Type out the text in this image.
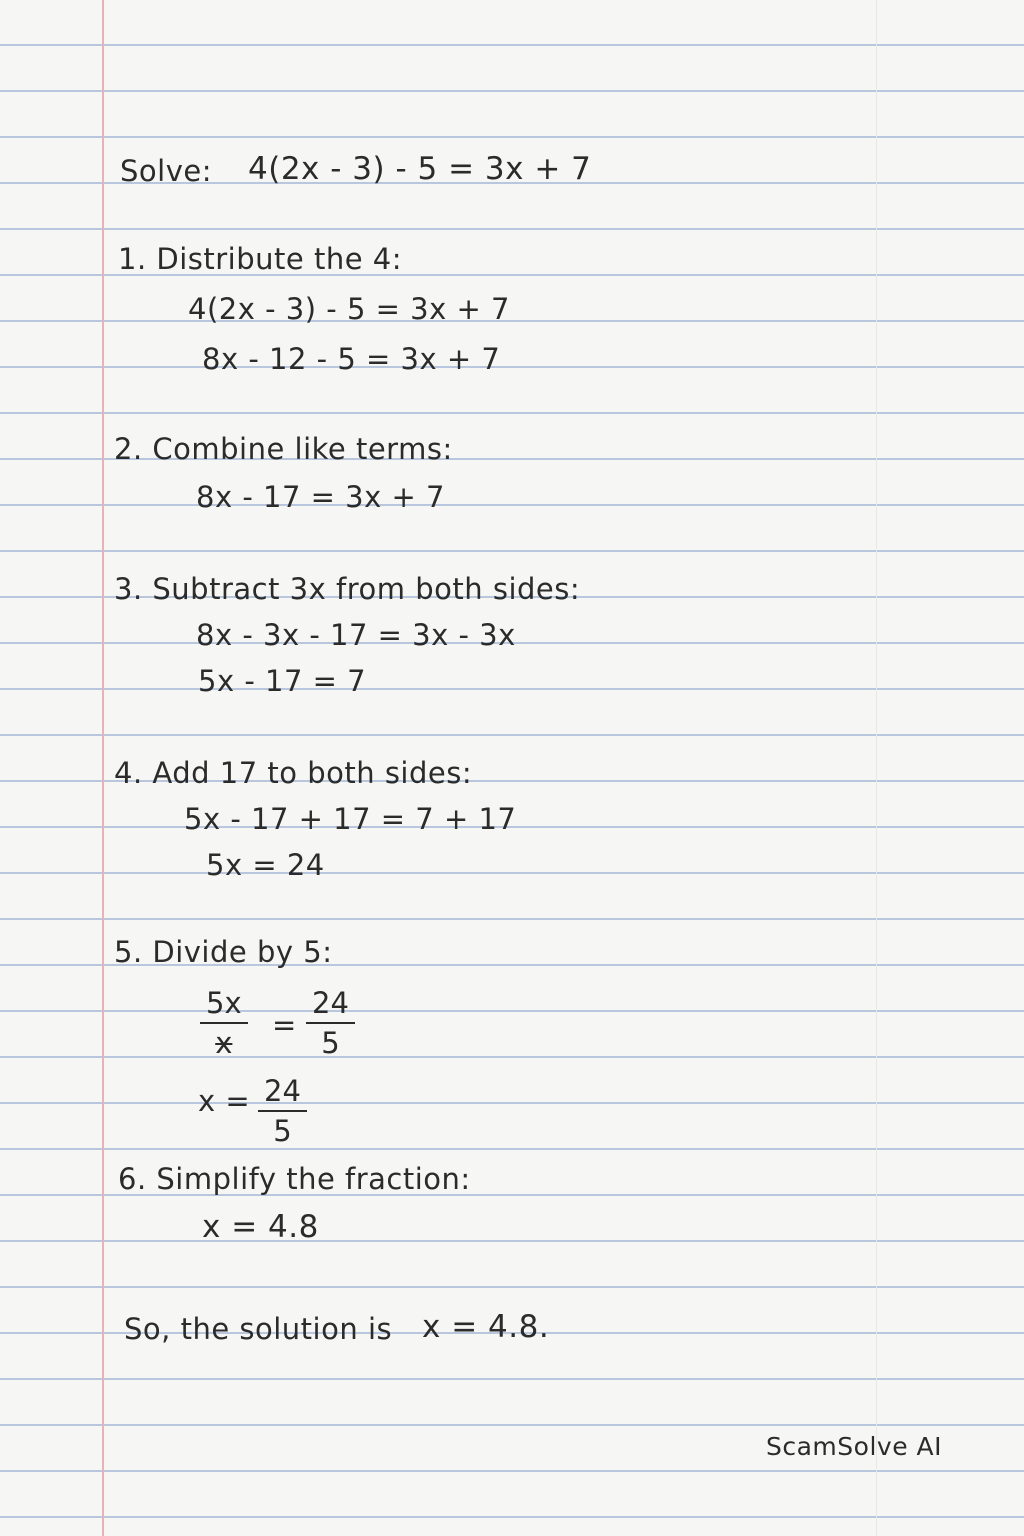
Solve: 4(2x - 3) - 5 = 3x + 7
1. Distribute the 4:
4(2x - 3) - 5 = 3x + 7
8x - 12 - 5 = 3x + 7
2. Combine like terms:
8x - 17 = 3x + 7
3. Subtract 3x from both sides:
8x - 3x - 17 = 3x - 3x
5x - 17 = 7
4. Add 17 to both sides:
5x - 17 + 17 = 7 + 17
5x = 24
5. Divide by 5:
5x
x
=
24
5
x = 24
5
6. Simplify the fraction:
x = 4.8
So, the solution is x = 4.8.
ScamSolve AI
